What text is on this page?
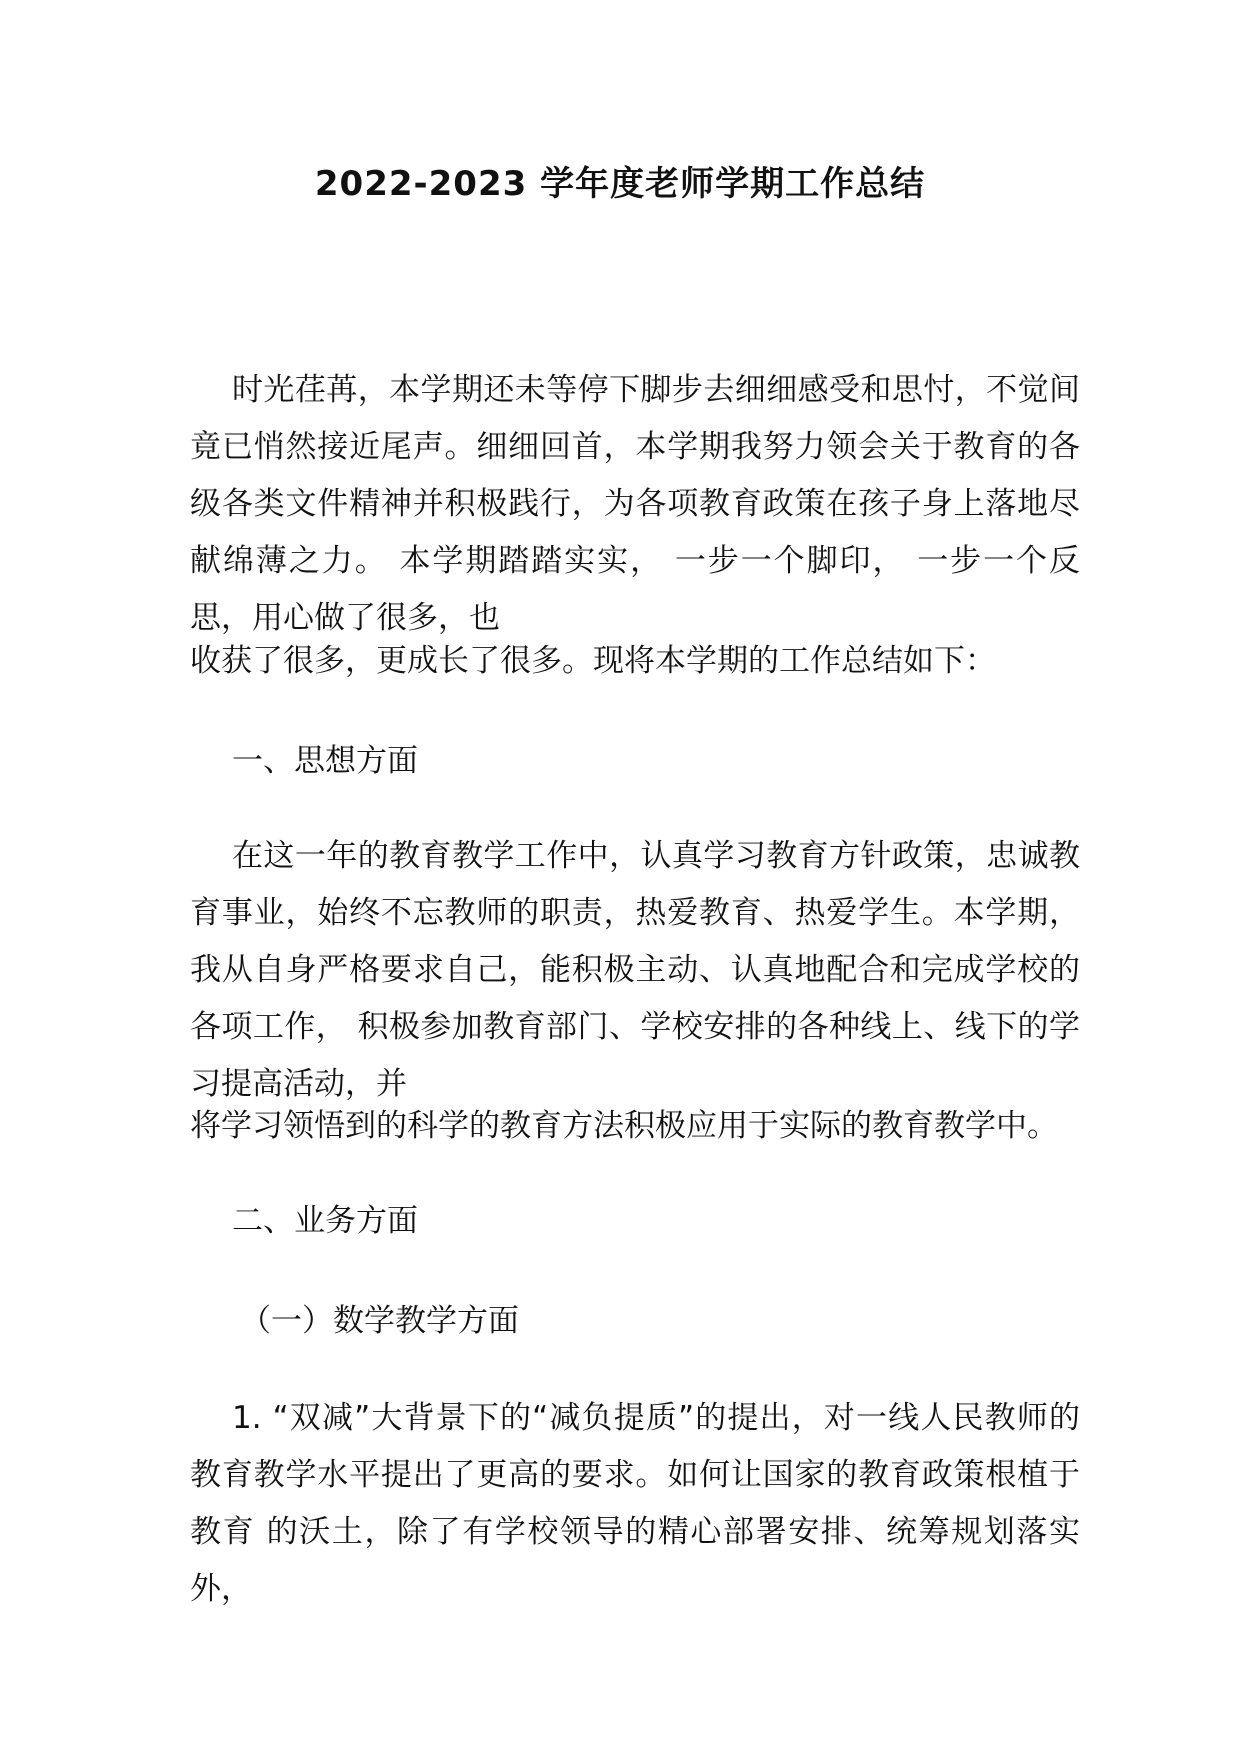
2022-2023 学年度老师学期工作总结

时光荏苒，本学期还未等停下脚步去细细感受和思忖，不觉间竟已悄然接近尾声。细细回首，本学期我努力领会关于教育的各级各类文件精神并积极践行，为各项教育政策在孩子身上落地尽献绵薄之力。 本学期踏踏实实， 一步一个脚印， 一步一个反思，用心做了很多，也

收获了很多，更成长了很多。现将本学期的工作总结如下：

一、思想方面

在这一年的教育教学工作中，认真学习教育方针政策，忠诚教育事业，始终不忘教师的职责，热爱教育、热爱学生。本学期，我从自身严格要求自己，能积极主动、认真地配合和完成学校的各项工作， 积极参加教育部门、学校安排的各种线上、线下的学习提高活动，并

将学习领悟到的科学的教育方法积极应用于实际的教育教学中。

二、业务方面

（一）数学教学方面

1. “双减”大背景下的“减负提质”的提出，对一线人民教师的 教育教学水平提出了更高的要求。如何让国家的教育政策根植于教育 的沃土，除了有学校领导的精心部署安排、统筹规划落实外，
